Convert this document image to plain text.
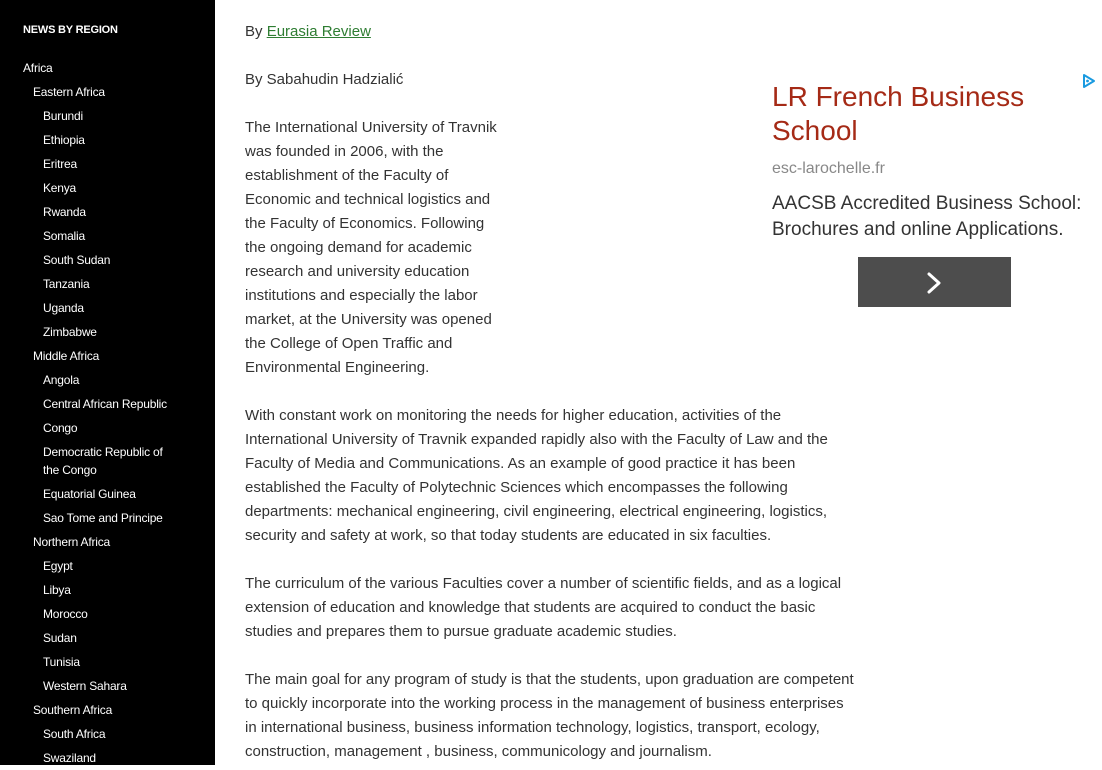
NEWS BY REGION
Africa
Eastern Africa
Burundi
Ethiopia
Eritrea
Kenya
Rwanda
Somalia
South Sudan
Tanzania
Uganda
Zimbabwe
Middle Africa
Angola
Central African Republic
Congo
Democratic Republic of the Congo
Equatorial Guinea
Sao Tome and Principe
Northern Africa
Egypt
Libya
Morocco
Sudan
Tunisia
Western Sahara
Southern Africa
South Africa
Swaziland
By Eurasia Review
By Sabahudin Hadzialić

The International University of Travnik was founded in 2006, with the establishment of the Faculty of Economic and technical logistics and the Faculty of Economics. Following the ongoing demand for academic research and university education institutions and especially the labor market, at the University was opened the College of Open Traffic and Environmental Engineering.

LR French Business School
esc-larochelle.fr
AACSB Accredited Business School: Brochures and online Applications.

With constant work on monitoring the needs for higher education, activities of the International University of Travnik expanded rapidly also with the Faculty of Law and the Faculty of Media and Communications. As an example of good practice it has been established the Faculty of Polytechnic Sciences which encompasses the following departments: mechanical engineering, civil engineering, electrical engineering, logistics, security and safety at work, so that today students are educated in six faculties.

The curriculum of the various Faculties cover a number of scientific fields, and as a logical extension of education and knowledge that students are acquired to conduct the basic studies and prepares them to pursue graduate academic studies.

The main goal for any program of study is that the students, upon graduation are competent to quickly incorporate into the working process in the management of business enterprises in international business, business information technology, logistics, transport, ecology, construction, management , business, communicology and journalism.
